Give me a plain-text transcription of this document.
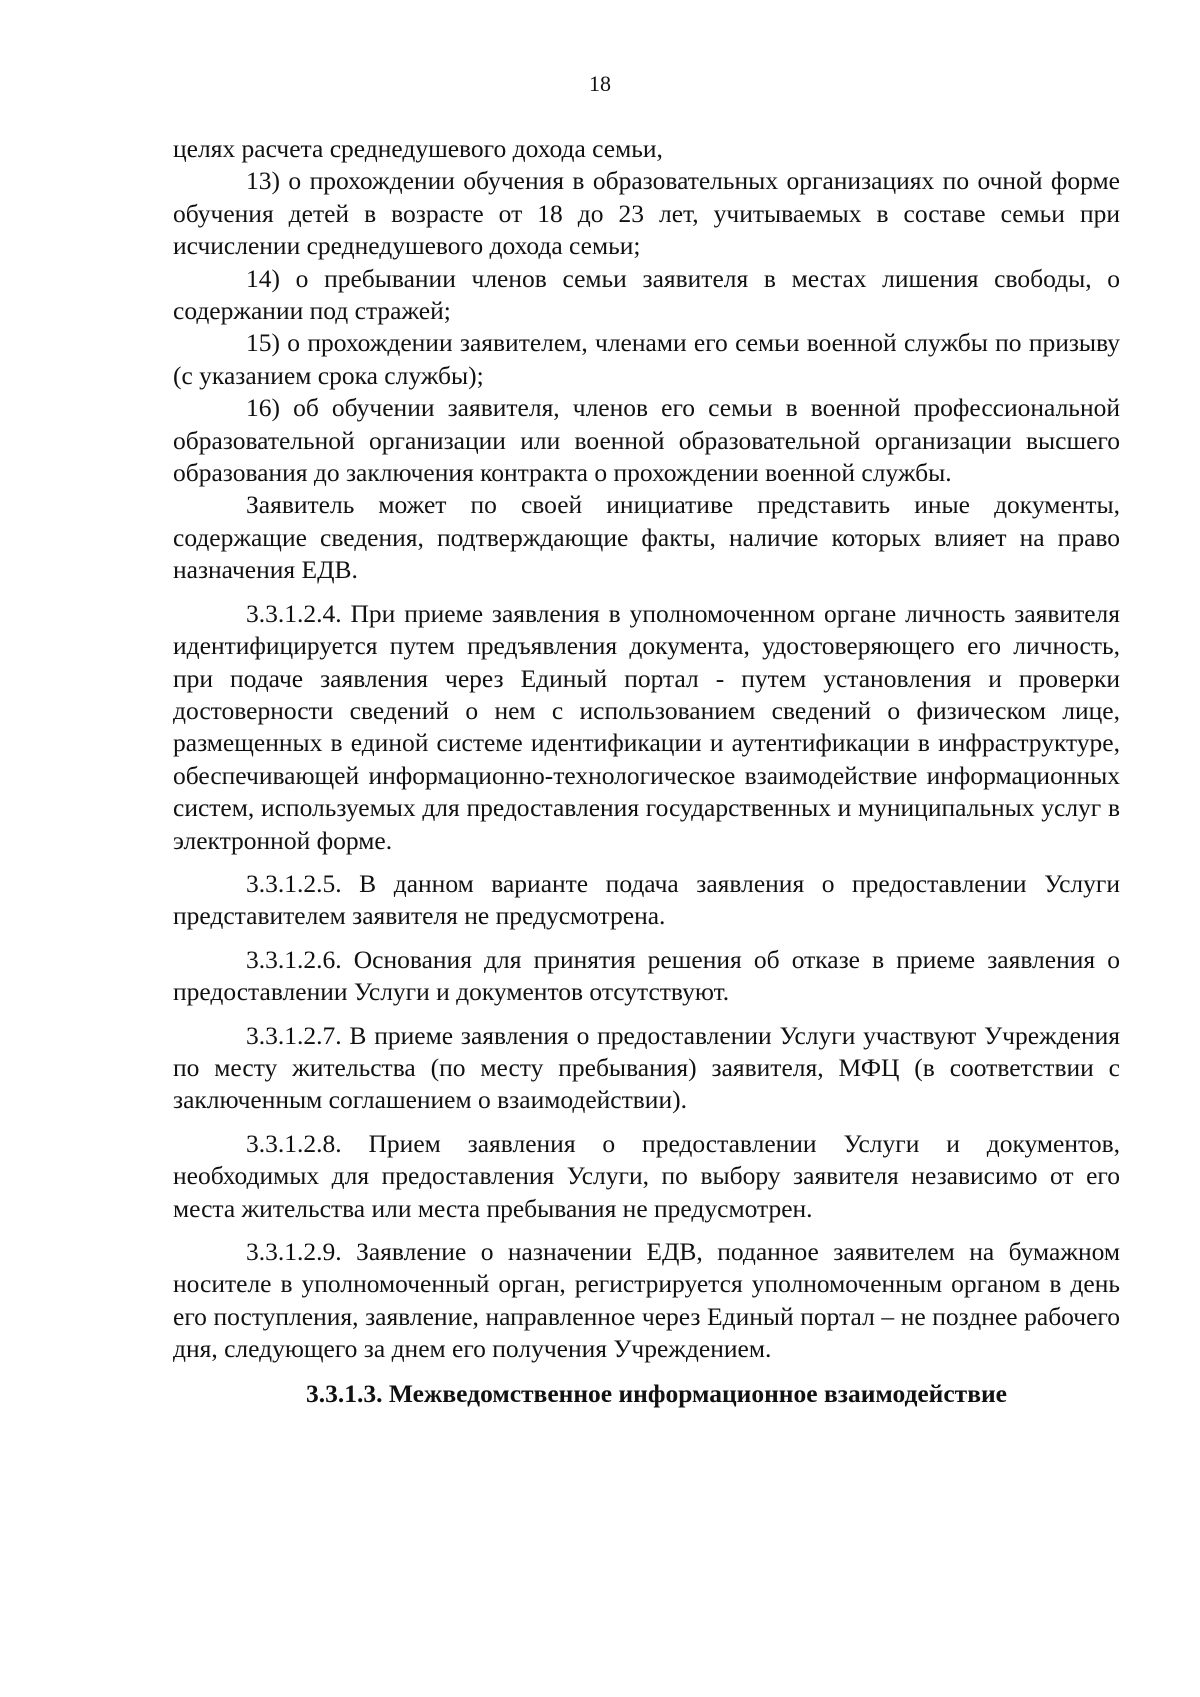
18

целях расчета среднедушевого дохода семьи,

13) о прохождении обучения в образовательных организациях по очной форме обучения детей в возрасте от 18 до 23 лет, учитываемых в составе семьи при исчислении среднедушевого дохода семьи;

14) о пребывании членов семьи заявителя в местах лишения свободы, о содержании под стражей;

15) о прохождении заявителем, членами его семьи военной службы по призыву (с указанием срока службы);

16) об обучении заявителя, членов его семьи в военной профессиональной образовательной организации или военной образовательной организации высшего образования до заключения контракта о прохождении военной службы.

Заявитель может по своей инициативе представить иные документы, содержащие сведения, подтверждающие факты, наличие которых влияет на право назначения ЕДВ.

3.3.1.2.4. При приеме заявления в уполномоченном органе личность заявителя идентифицируется путем предъявления документа, удостоверяющего его личность, при подаче заявления через Единый портал - путем установления и проверки достоверности сведений о нем с использованием сведений о физическом лице, размещенных в единой системе идентификации и аутентификации в инфраструктуре, обеспечивающей информационно-технологическое взаимодействие информационных систем, используемых для предоставления государственных и муниципальных услуг в электронной форме.

3.3.1.2.5. В данном варианте подача заявления о предоставлении Услуги представителем заявителя не предусмотрена.

3.3.1.2.6. Основания для принятия решения об отказе в приеме заявления о предоставлении Услуги и документов отсутствуют.

3.3.1.2.7. В приеме заявления о предоставлении Услуги участвуют Учреждения по месту жительства (по месту пребывания) заявителя, МФЦ (в соответствии с заключенным соглашением о взаимодействии).

3.3.1.2.8. Прием заявления о предоставлении Услуги и документов, необходимых для предоставления Услуги, по выбору заявителя независимо от его места жительства или места пребывания не предусмотрен.

3.3.1.2.9. Заявление о назначении ЕДВ, поданное заявителем на бумажном носителе в уполномоченный орган, регистрируется уполномоченным органом в день его поступления, заявление, направленное через Единый портал – не позднее рабочего дня, следующего за днем его получения Учреждением.

3.3.1.3. Межведомственное информационное взаимодействие
